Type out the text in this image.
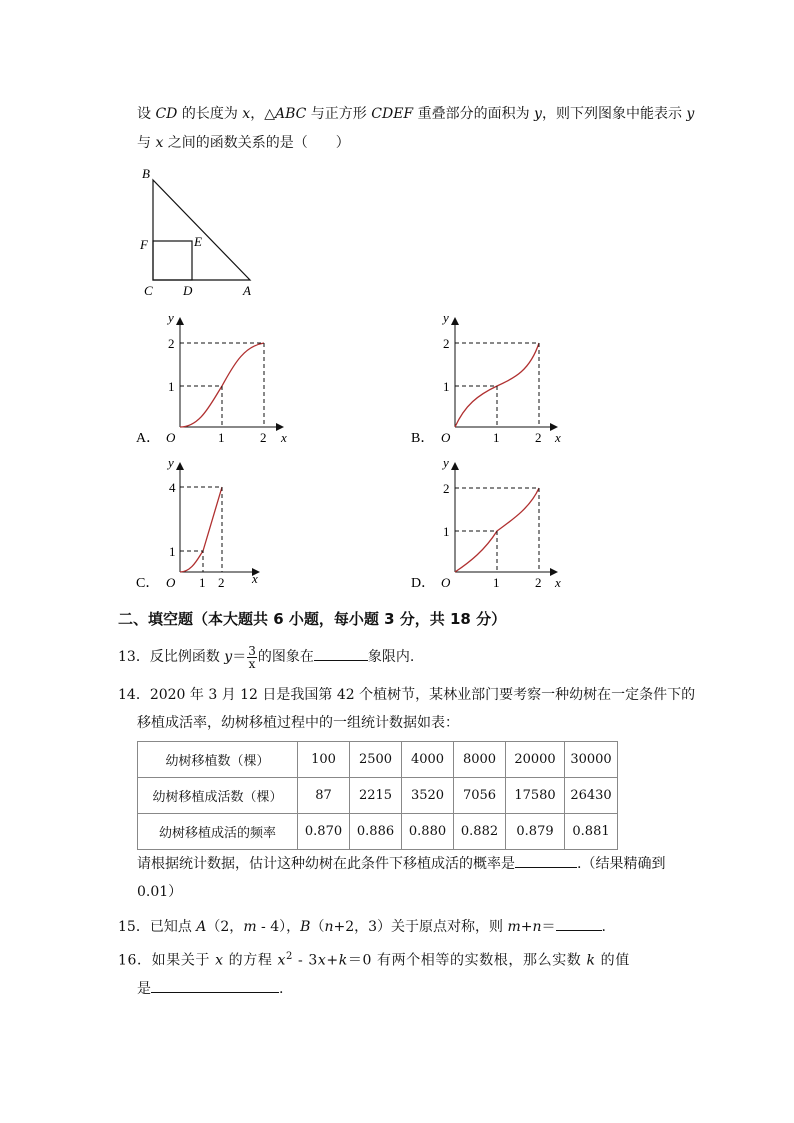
设 CD 的长度为 x，△ABC 与正方形 CDEF 重叠部分的面积为 y，则下列图象中能表示 y
与 x 之间的函数关系的是（　　）
B
F	E
C D	A
A． O	1	2 x
1
2
y
B． O	1	2 x
1
2
y
C． O 1 2 x
1
4
y
D． O	1	2 x
1
2
y
二、填空题（本大题共 6 小题，每小题 3 分，共 18 分）
13．反比例函数 $y= \frac{3}{x}$ 的图象在	象限内.
14．2020 年 3 月 12 日是我国第 42 个植树节，某林业部门要考察一种幼树在一定条件下的
移植成活率，幼树移植过程中的一组统计数据如表：
幼树移植数（棵）	100	2500	4000	8000	20000	30000
幼树移植成活数（棵）	87	2215	3520	7056	17580	26430
幼树移植成活的频率	0.870	0.886	0.880	0.882	0.879	0.881
请根据统计数据，估计这种幼树在此条件下移植成活的概率是	.（结果精确到
0.01）
15．已知点 A（2，m - 4），B（n+2，3）关于原点对称，则 m+n＝	.
16．如果关于 x 的方程 $x^2 - 3x+k=0$ 有两个相等的实数根，那么实数 k 的值
是	.
